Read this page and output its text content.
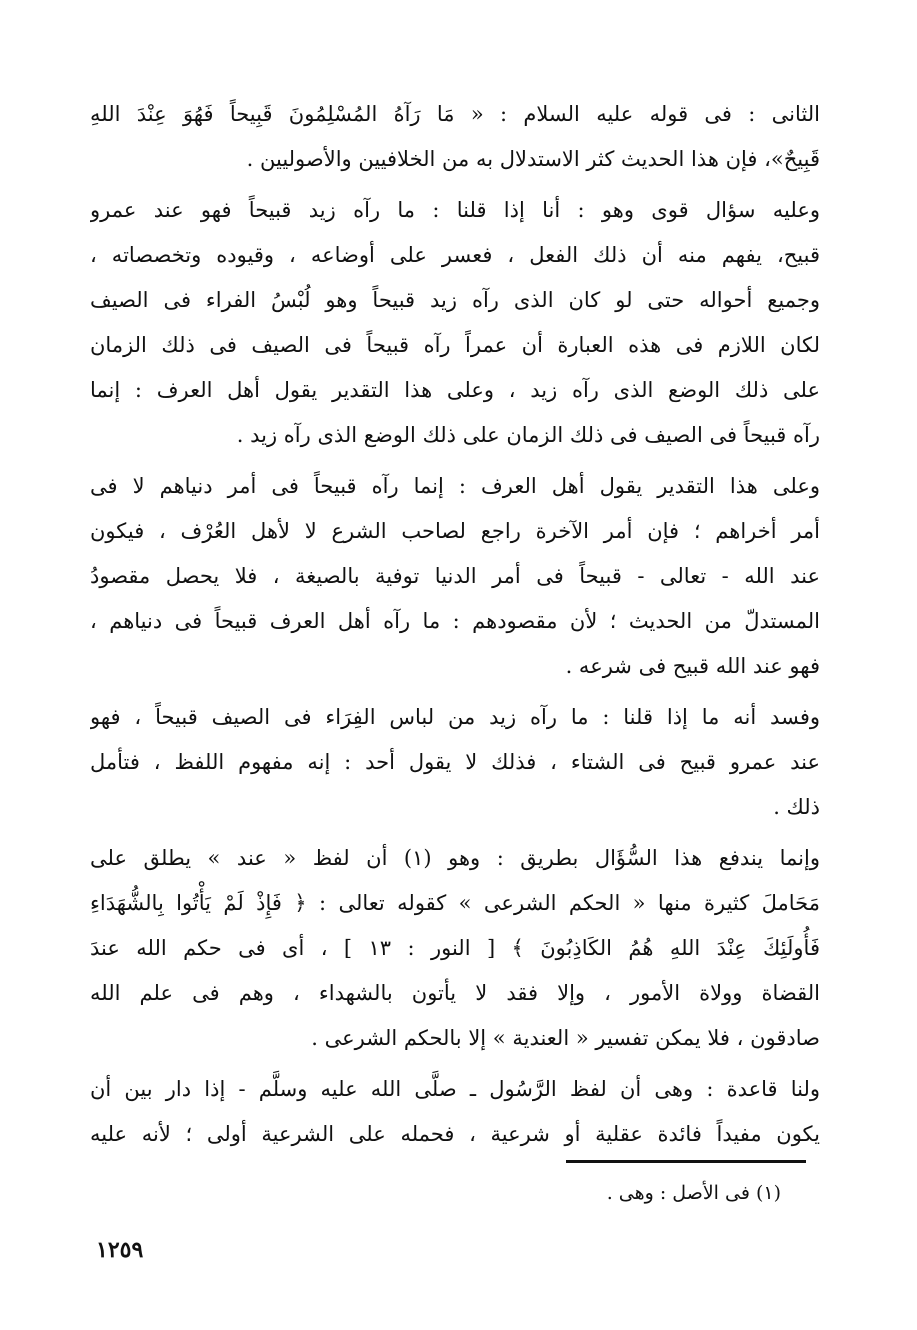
الثانى : فى قوله عليه السلام : « مَا رَآهُ المُسْلِمُونَ قَبِيحاً فَهُوَ عِنْدَ اللهِ
قَبِيحٌ»، فإن هذا الحديث كثر الاستدلال به من الخلافيين والأصوليين .

وعليه سؤال قوى وهو : أنا إذا قلنا : ما رآه زيد قبيحاً فهو عند عمرو
قبيح، يفهم منه أن ذلك الفعل ، فعسر على أوضاعه ، وقيوده وتخصصاته ،
وجميع أحواله حتى لو كان الذى رآه زيد قبيحاً وهو لُبْسُ الفراء فى الصيف
لكان اللازم فى هذه العبارة أن عمراً رآه قبيحاً فى الصيف فى ذلك الزمان
على ذلك الوضع الذى رآه زيد ، وعلى هذا التقدير يقول أهل العرف : إنما
رآه قبيحاً فى الصيف فى ذلك الزمان على ذلك الوضع الذى رآه زيد .

وعلى هذا التقدير يقول أهل العرف : إنما رآه قبيحاً فى أمر دنياهم لا فى
أمر أخراهم ؛ فإن أمر الآخرة راجع لصاحب الشرع لا لأهل العُرْف ، فيكون
عند الله - تعالى - قبيحاً فى أمر الدنيا توفية بالصيغة ، فلا يحصل مقصودُ
المستدلّ من الحديث ؛ لأن مقصودهم : ما رآه أهل العرف قبيحاً فى دنياهم ،
فهو عند الله قبيح فى شرعه .

وفسد أنه ما إذا قلنا : ما رآه زيد من لباس الفِرَاء فى الصيف قبيحاً ، فهو
عند عمرو قبيح فى الشتاء ، فذلك لا يقول أحد : إنه مفهوم اللفظ ، فتأمل
ذلك .

وإنما يندفع هذا السُّؤَال بطريق : وهو (١) أن لفظ « عند » يطلق على
مَحَاملَ كثيرة منها « الحكم الشرعى » كقوله تعالى : ﴿ فَإِذْ لَمْ يَأْتُوا بِالشُّهَدَاءِ
فَأُولَئِكَ عِنْدَ اللهِ هُمُ الكَاذِبُونَ ﴾ [ النور : ١٣ ] ، أى فى حكم الله عندَ
القضاة وولاة الأمور ، وإلا فقد لا يأتون بالشهداء ، وهم فى علم الله
صادقون ، فلا يمكن تفسير « العندية » إلا بالحكم الشرعى .

ولنا قاعدة : وهى أن لفظ الرَّسُول ـ صلَّى الله عليه وسلَّم - إذا دار بين أن
يكون مفيداً فائدة عقلية أو شرعية ، فحمله على الشرعية أولى ؛ لأنه عليه

(١) فى الأصل : وهى .
١٢٥٩
